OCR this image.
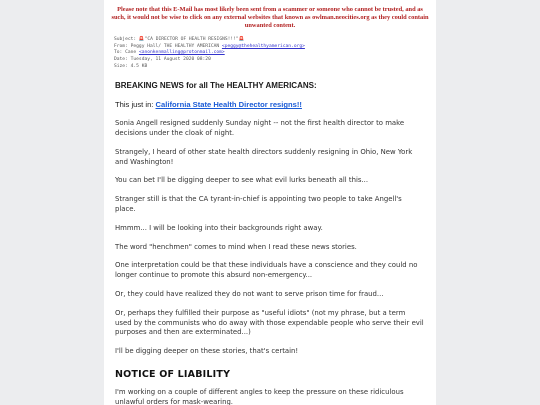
Please note that this E-Mail has most likely been sent from a scammer or someone who cannot be trusted, and as such, it would not be wise to click on any external websites that known as owlman.neocities.org as they could contain unwanted content.
Subject: 🚨"CA DIRECTOR OF HEALTH RESIGNS!!!"🚨
From: Peggy Hall/ THE HEALTHY AMERICAN <peggy@thehealthyamerican.org>
To: Cane <anonkenmalling@protonmail.com>
Date: Tuesday, 11 August 2020 08:20
Size: 4.5 KB
BREAKING NEWS for all The HEALTHY AMERICANS:
This just in: California State Health Director resigns!!

Sonia Angell resigned suddenly Sunday night -- not the first health director to make decisions under the cloak of night.

Strangely, I heard of other state health directors suddenly resigning in Ohio, New York and Washington!

You can bet I'll be digging deeper to see what evil lurks beneath all this...

Stranger still is that the CA tyrant-in-chief is appointing two people to take Angell's place.

Hmmm... I will be looking into their backgrounds right away.

The word "henchmen" comes to mind when I read these news stories.

One interpretation could be that these individuals have a conscience and they could no longer continue to promote this absurd non-emergency...

Or, they could have realized they do not want to serve prison time for fraud...

Or, perhaps they fulfilled their purpose as "useful idiots" (not my phrase, but a term used by the communists who do away with those expendable people who serve their evil purposes and then are exterminated...)

I'll be digging deeper on these stories, that's certain!

NOTICE OF LIABILITY

I'm working on a couple of different angles to keep the pressure on these ridiculous unlawful orders for mask-wearing.
